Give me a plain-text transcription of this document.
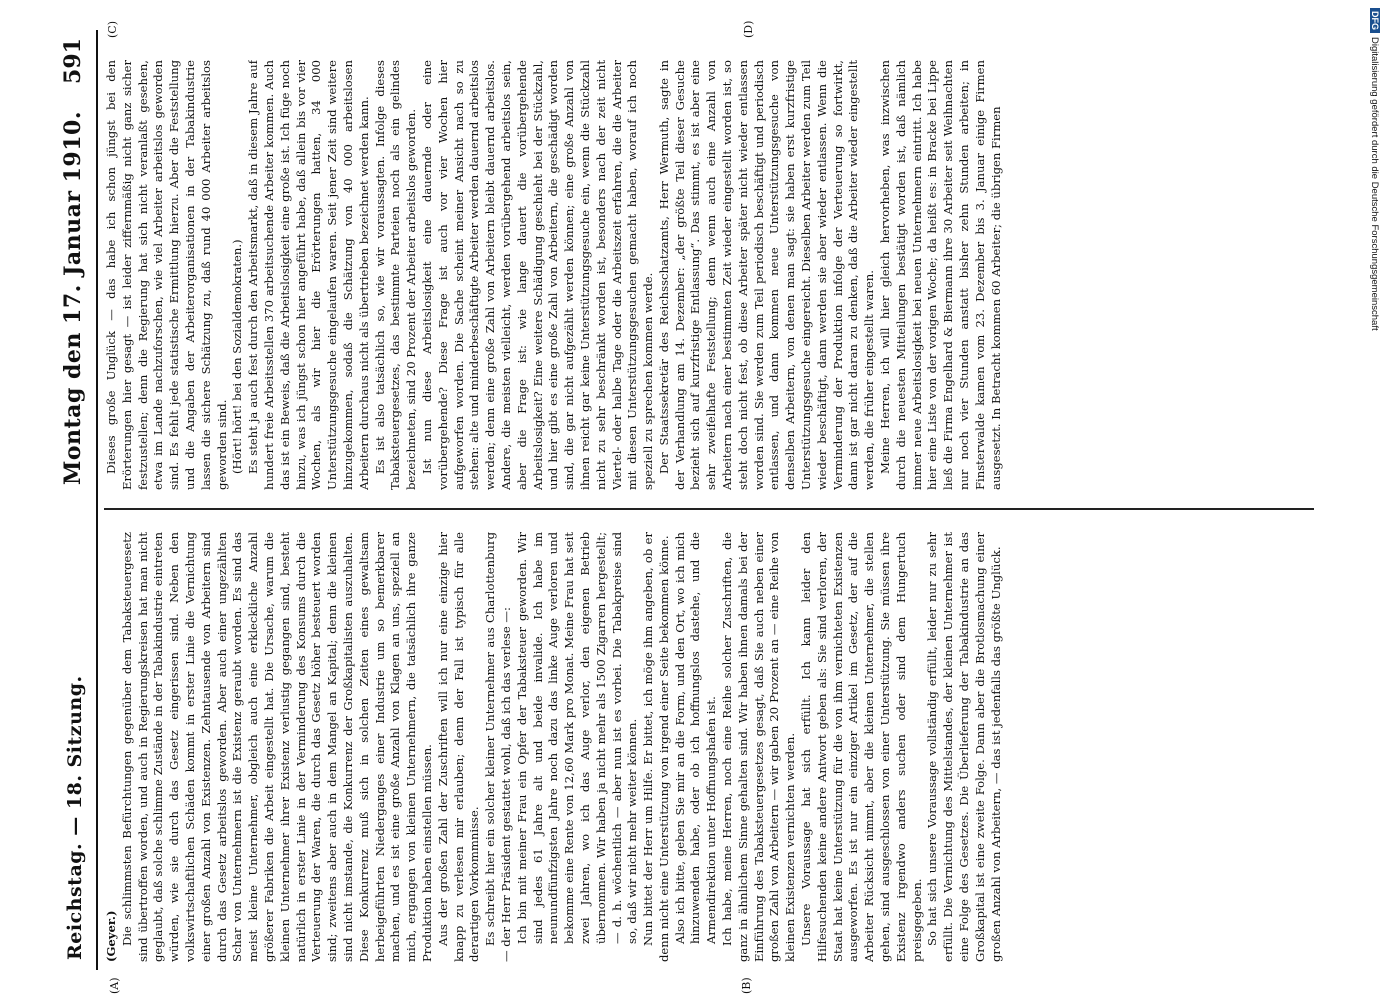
Reichstag. — 18. Sitzung.
Montag den 17. Januar 1910.
591
(A)	(B)
(C)	(D)

(Geyer.) Die schlimmsten Befürchtungen gegenüber dem Tabaksteuergesetz sind übertroffen worden, und auch in Regierungskreisen hat man nicht geglaubt, daß solche schlimme Zustände in der Tabakindustrie eintreten würden, wie sie durch das Gesetz eingerissen sind. Neben den volkswirtschaftlichen Schäden kommt in erster Linie die Vernichtung einer großen Anzahl von Existenzen. Zehntausende von Arbeitern sind durch das Gesetz arbeitslos geworden. Aber auch einer ungezählten Schar von Unternehmern ist die Existenz geraubt worden. Es sind das meist kleine Unternehmer, obgleich auch eine erkleckliche Anzahl größerer Fabriken die Arbeit eingestellt hat. Die Ursache, warum die kleinen Unternehmer ihrer Existenz verlustig gegangen sind, besteht natürlich in erster Linie in der Verminderung des Konsums durch die Verteuerung der Waren, die durch das Gesetz höher besteuert worden sind; zweitens aber auch in dem Mangel an Kapital; denn die kleinen sind nicht imstande, die Konkurrenz der Großkapitalisten auszuhalten. Diese Konkurrenz muß sich in solchen Zeiten eines gewaltsam herbeigeführten Niederganges einer Industrie um so bemerkbarer machen, und es ist eine große Anzahl von Klagen an uns, speziell an mich, ergangen von kleinen Unternehmern, die tatsächlich ihre ganze Produktion haben einstellen müssen. Aus der großen Zahl der Zuschriften will ich nur eine einzige hier knapp zu verlesen mir erlauben; denn der Fall ist typisch für alle derartigen Vorkommnisse. Es schreibt hier ein solcher kleiner Unternehmer aus Charlottenburg — der Herr Präsident gestattet wohl, daß ich das verlese —: Ich bin mit meiner Frau ein Opfer der Tabaksteuer geworden. Wir sind jedes 61 Jahre alt und beide invalide. Ich habe im neunundfünfzigsten Jahre noch dazu das linke Auge verloren und bekomme eine Rente von 12,60 Mark pro Monat. Meine Frau hat seit zwei Jahren, wo ich das Auge verlor, den eigenen Betrieb übernommen. Wir haben ja nicht mehr als 1500 Zigarren hergestellt; — d. h. wöchentlich — aber nun ist es vorbei. Die Tabakpreise sind so, daß wir nicht mehr weiter können. Nun bittet der Herr um Hilfe. Er bittet, ich möge ihm angeben, ob er denn nicht eine Unterstützung von irgend einer Seite bekommen könne. Also ich bitte, geben Sie mir an die Form, und den Ort, wo ich mich hinzuwenden habe, oder ob ich hoffnungslos dastehe, und die Armendirektion unter Hoffnungshafen ist. Ich habe, meine Herren, noch eine Reihe solcher Zuschriften, die ganz in ähnlichem Sinne gehalten sind. Wir haben ihnen damals bei der Einführung des Tabaksteuergesetzes gesagt, daß Sie auch neben einer großen Zahl von Arbeitern — wir gaben 20 Prozent an — eine Reihe von kleinen Existenzen vernichten werden. Unsere Voraussage hat sich erfüllt. Ich kann leider den Hilfesuchenden keine andere Antwort geben als: Sie sind verloren, der Staat hat keine Unterstützung für die von ihm vernichteten Existenzen ausgeworfen. Es ist nur ein einziger Artikel im Gesetz, der auf die Arbeiter Rücksicht nimmt, aber die kleinen Unternehmer, die stellen gehen, sind ausgeschlossen von einer Unterstützung. Sie müssen ihre Existenz irgendwo anders suchen oder sind dem Hungertuch preisgegeben. So hat sich unsere Voraussage vollständig erfüllt, leider nur zu sehr erfüllt. Die Vernichtung des Mittelstandes, der kleinen Unternehmer ist eine Folge des Gesetzes. Die Überlieferung der Tabakindustrie an das Großkapital ist eine zweite Folge. Dann aber die Brotlosmachung einer großen Anzahl von Arbeitern, — das ist jedenfalls das größte Unglück.

Dieses große Unglück — das habe ich schon jüngst bei den Erörterungen hier gesagt — ist leider ziffernmäßig nicht ganz sicher festzustellen; denn die Regierung hat sich nicht veranlaßt gesehen, etwa im Lande nachzuforschen, wie viel Arbeiter arbeitslos geworden sind. Es fehlt jede statistische Ermittlung hierzu. Aber die Feststellung und die Angaben der Arbeiterorganisationen in der Tabakindustrie lassen die sichere Schätzung zu, daß rund 40 000 Arbeiter arbeitslos geworden sind. (Hört! hört! bei den Sozialdemokraten.) Es steht ja auch fest durch den Arbeitsmarkt, daß in diesem Jahre auf hundert freie Arbeitsstellen 370 arbeitsuchende Arbeiter kommen. Auch das ist ein Beweis, daß die Arbeitslosigkeit eine große ist. Ich füge noch hinzu, was ich jüngst schon hier angeführt habe, daß allein bis vor vier Wochen, als wir hier die Erörterungen hatten, 34 000 Unterstützungsgesuche eingelaufen waren. Seit jener Zeit sind weitere hinzugekommen, sodaß die Schätzung von 40 000 arbeitslosen Arbeitern durchaus nicht als übertrieben bezeichnet werden kann. Es ist also tatsächlich so, wie wir voraussagten. Infolge dieses Tabaksteuergesetzes, das bestimmte Parteien noch als ein gelindes bezeichneten, sind 20 Prozent der Arbeiter arbeitslos geworden. Ist nun diese Arbeitslosigkeit eine dauernde oder eine vorübergehende? Diese Frage ist auch vor vier Wochen hier aufgeworfen worden. Die Sache scheint meiner Ansicht nach so zu stehen: alte und minderbeschäftigte Arbeiter werden dauernd arbeitslos werden; denn eine große Zahl von Arbeitern bleibt dauernd arbeitslos. Andere, die meisten vielleicht, werden vorübergehend arbeitslos sein, aber die Frage ist: wie lange dauert die vorübergehende Arbeitslosigkeit? Eine weitere Schädigung geschieht bei der Stückzahl, und hier gibt es eine große Zahl von Arbeitern, die geschädigt worden sind, die gar nicht aufgezählt werden können; eine große Anzahl von ihnen reicht gar keine Unterstützungsgesuche ein, wenn die Stückzahl nicht zu sehr beschränkt worden ist, besonders nach der zeit nicht Viertel- oder halbe Tage oder die Arbeitszeit erfahren, die die Arbeiter mit diesen Unterstützungsgesuchen gemacht haben, worauf ich noch speziell zu sprechen kommen werde. Der Staatssekretär des Reichsschatzamts, Herr Wermuth, sagte in der Verhandlung am 14. Dezember: „der größte Teil dieser Gesuche bezieht sich auf kurzfristige Entlassung“. Das stimmt, es ist aber eine sehr zweifelhafte Feststellung; denn wenn auch eine Anzahl von Arbeitern nach einer bestimmten Zeit wieder eingestellt worden ist, so steht doch nicht fest, ob diese Arbeiter später nicht wieder entlassen worden sind. Sie werden zum Teil periodisch beschäftigt und periodisch entlassen, und dann kommen neue Unterstützungsgesuche von denselben Arbeitern, von denen man sagt: sie haben erst kurzfristige Unterstützungsgesuche eingereicht. Dieselben Arbeiter werden zum Teil wieder beschäftigt, dann werden sie aber wieder entlassen. Wenn die Verminderung der Produktion infolge der Verteuerung so fortwirkt, dann ist gar nicht daran zu denken, daß die Arbeiter wieder eingestellt werden, die früher eingestellt waren. Meine Herren, ich will hier gleich hervorheben, was inzwischen durch die neuesten Mitteilungen bestätigt worden ist, daß nämlich immer neue Arbeitslosigkeit bei neuen Unternehmern eintritt. Ich habe hier eine Liste von der vorigen Woche; da heißt es: in Bracke bei Lippe ließ die Firma Engelhard & Biermann ihre 30 Arbeiter seit Weihnachten nur noch vier Stunden anstatt bisher zehn Stunden arbeiten; in Finsterwalde kamen vom 23. Dezember bis 3. Januar einige Firmen ausgesetzt. In Betracht kommen 60 Arbeiter; die übrigen Firmen

DFGDigitalisierung gefördert durch die Deutsche Forschungsgemeinschaft
